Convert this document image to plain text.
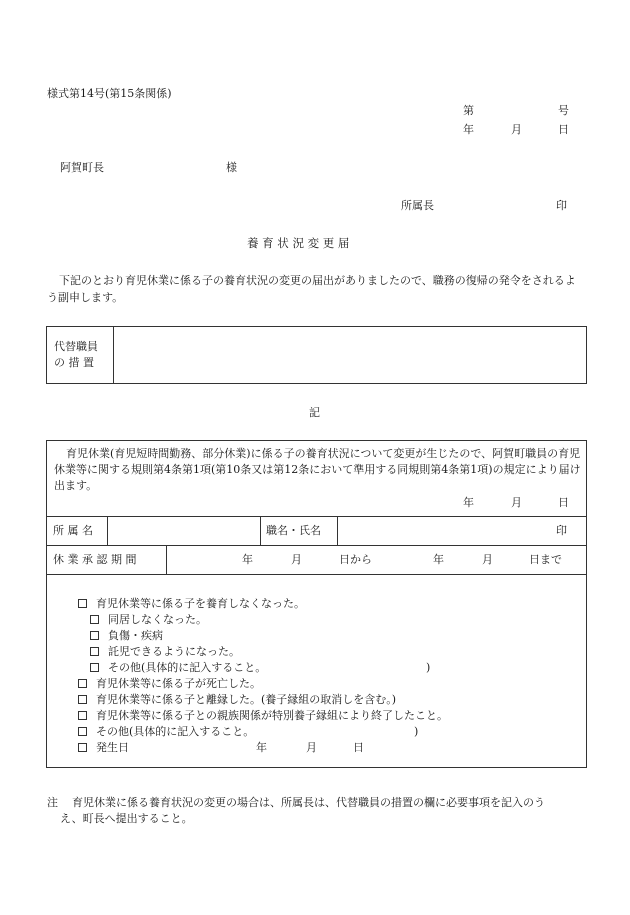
様式第14号(第15条関係)
第	号
年	月	日
阿賀町長	様
所属長	印
養 育 状 況 変 更 届
下記のとおり育児休業に係る子の養育状況の変更の届出がありましたので、職務の復帰の発令をされるよう副申します。
代替職員
の 措 置
記
育児休業(育児短時間勤務、部分休業)に係る子の養育状況について変更が生じたので、阿賀町職員の育児休業等に関する規則第4条第1項(第10条又は第12条において準用する同規則第4条第1項)の規定により届け出ます。
年	月	日
所 属 名	職名・氏名	印
休 業 承 認 期 間	年	月	日から	年	月	日まで
育児休業等に係る子を養育しなくなった。
同居しなくなった。
負傷・疾病
託児できるようになった。
その他(具体的に記入すること。	)
育児休業等に係る子が死亡した。
育児休業等に係る子と離縁した。(養子縁組の取消しを含む。)
育児休業等に係る子との親族関係が特別養子縁組により終了したこと。
その他(具体的に記入すること。	)
発生日	年	月	日
注 育児休業に係る養育状況の変更の場合は、所属長は、代替職員の措置の欄に必要事項を記入のう
え、町長へ提出すること。
